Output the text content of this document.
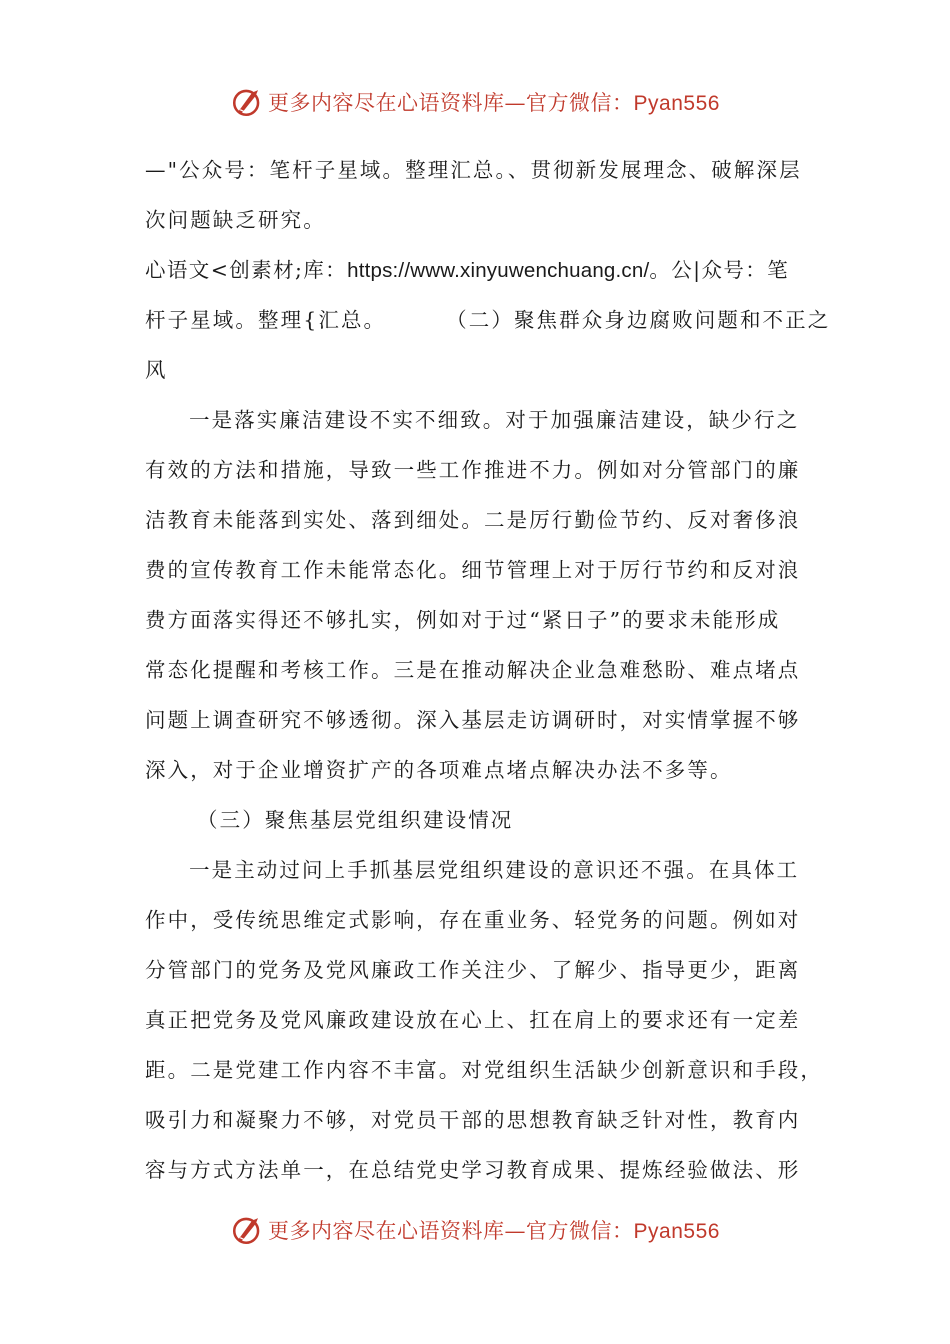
更多内容尽在心语资料库—官方微信：Pyan556
—"公众号：笔杆子星域。整理汇总。、贯彻新发展理念、破解深层
次问题缺乏研究。
心语文<创素材;库：https://www.xinyuwenchuang.cn/。公|众号：笔
杆子星域。整理{汇总。	（二）聚焦群众身边腐败问题和不正之
风
一是落实廉洁建设不实不细致。对于加强廉洁建设，缺少行之
有效的方法和措施，导致一些工作推进不力。例如对分管部门的廉
洁教育未能落到实处、落到细处。二是厉行勤俭节约、反对奢侈浪
费的宣传教育工作未能常态化。细节管理上对于厉行节约和反对浪
费方面落实得还不够扎实，例如对于过“紧日子”的要求未能形成
常态化提醒和考核工作。三是在推动解决企业急难愁盼、难点堵点
问题上调查研究不够透彻。深入基层走访调研时，对实情掌握不够
深入，对于企业增资扩产的各项难点堵点解决办法不多等。
（三）聚焦基层党组织建设情况
一是主动过问上手抓基层党组织建设的意识还不强。在具体工
作中，受传统思维定式影响，存在重业务、轻党务的问题。例如对
分管部门的党务及党风廉政工作关注少、了解少、指导更少，距离
真正把党务及党风廉政建设放在心上、扛在肩上的要求还有一定差
距。二是党建工作内容不丰富。对党组织生活缺少创新意识和手段，
吸引力和凝聚力不够，对党员干部的思想教育缺乏针对性，教育内
容与方式方法单一，在总结党史学习教育成果、提炼经验做法、形
更多内容尽在心语资料库—官方微信：Pyan556
